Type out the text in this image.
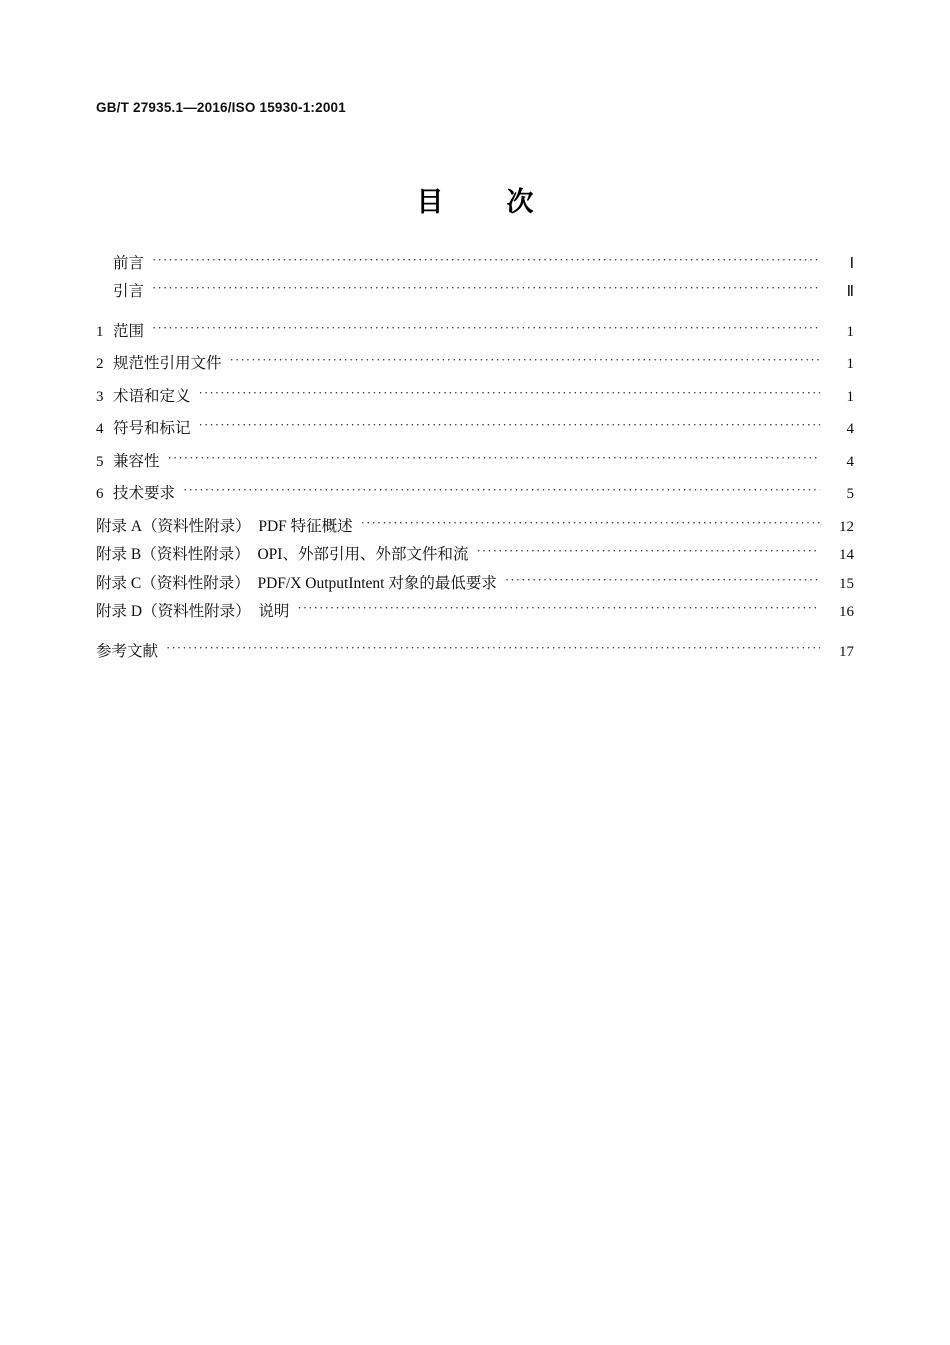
GB/T 27935.1—2016/ISO 15930-1:2001
目　次
前言 ·····	Ⅰ
引言 ·····	Ⅱ
1 范围 ·····	1
2 规范性引用文件 ·····	1
3 术语和定义 ·····	1
4 符号和标记 ·····	4
5 兼容性 ·····	4
6 技术要求 ·····	5
附录 A（资料性附录）　PDF 特征概述 ·····	12
附录 B（资料性附录）　OPI、外部引用、外部文件和流 ·····	14
附录 C（资料性附录）　PDF/X OutputIntent 对象的最低要求 ·····	15
附录 D（资料性附录）　说明 ·····	16
参考文献 ·····	17
